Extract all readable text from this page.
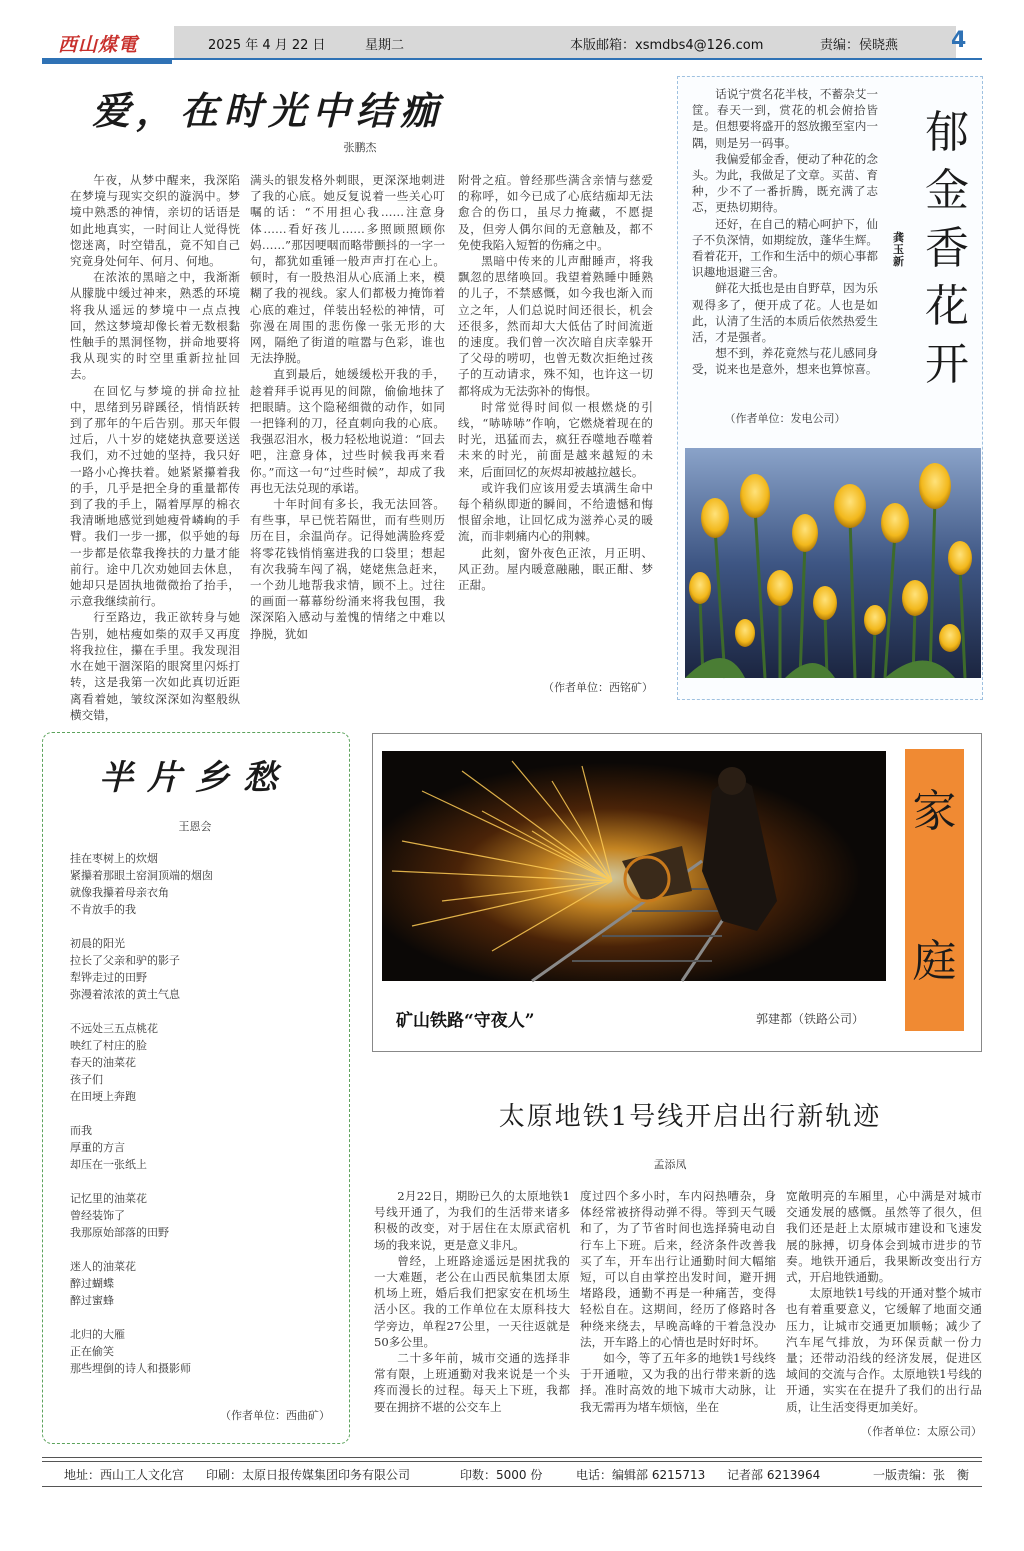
西山煤電	2025 年 4 月 22 日	星期二	本版邮箱：xsmdbs4@126.com	责编：侯晓燕 4
爱，在时光中结痂
张鹏杰

午夜，从梦中醒来，我深陷在梦境与现实交织的漩涡中。梦境中熟悉的神情，亲切的话语是如此地真实，一时间让人觉得恍惚迷离，时空错乱，竟不知自己究竟身处何年、何月、何地。

在浓浓的黑暗之中，我渐渐从朦胧中缓过神来，熟悉的环境将我从遥远的梦境中一点点拽回，然这梦境却像长着无数根黏性触手的黑洞怪物，拼命地要将我从现实的时空里重新拉扯回去。

在回忆与梦境的拼命拉扯中，思绪到另辟蹊径，悄悄跃转到了那年的午后告别。那天年假过后，八十岁的姥姥执意要送送我们，劝不过她的坚持，我只好一路小心搀扶着。她紧紧攥着我的手，几乎是把全身的重量都传到了我的手上，隔着厚厚的棉衣我清晰地感觉到她瘦骨嶙峋的手臂。我们一步一挪，似乎她的每一步都是依靠我搀扶的力量才能前行。途中几次劝她回去休息，她却只是固执地微微抬了抬手，示意我继续前行。

行至路边，我正欲转身与她告别，她枯瘦如柴的双手又再度将我拉住，攥在手里。我发现泪水在她干涸深陷的眼窝里闪烁打转，这是我第一次如此真切近距离看着她，皱纹深深如沟壑般纵横交错，

满头的银发格外刺眼，更深深地刺进了我的心底。她反复说着一些关心叮嘱的话：“不用担心我……注意身体……看好孩儿……多照顾照顾你妈……”那因哽咽而略带颤抖的一字一句，都犹如重锤一般声声打在心上。顿时，有一股热泪从心底涌上来，模糊了我的视线。家人们都极力掩饰着心底的难过，佯装出轻松的神情，可弥漫在周围的悲伤像一张无形的大网，隔绝了街道的喧嚣与色彩，谁也无法挣脱。

直到最后，她缓缓松开我的手，趁着拜手说再见的间隙，偷偷地抹了把眼睛。这个隐秘细微的动作，如同一把锋利的刀，径直刺向我的心底。我强忍泪水，极力轻松地说道：“回去吧，注意身体，过些时候我再来看你。”而这一句“过些时候”，却成了我再也无法兑现的承诺。

十年时间有多长，我无法回答。有些事，早已恍若隔世，而有些则历历在目，余温尚存。记得她满脸疼爱将零花钱悄悄塞进我的口袋里；想起有次我骑车闯了祸，姥姥焦急赶来，一个劲儿地帮我求情，顾不上。过往的画面一幕幕纷纷涌来将我包围，我深深陷入感动与羞愧的情绪之中难以挣脱，犹如

附骨之疽。曾经那些满含亲情与慈爱的称呼，如今已成了心底结痂却无法愈合的伤口，虽尽力掩藏，不愿提及，但旁人偶尔间的无意触及，都不免使我陷入短暂的伤痛之中。

黑暗中传来的儿声酣睡声，将我飘忽的思绪唤回。我望着熟睡中睡熟的儿子，不禁感慨，如今我也渐入而立之年，人们总说时间还很长，机会还很多，然而却大大低估了时间流逝的速度。我们曾一次次暗自庆幸躲开了父母的唠叨，也曾无数次拒绝过孩子的互动请求，殊不知，也许这一切都将成为无法弥补的悔恨。

时常觉得时间似一根燃烧的引线，“哧哧哧”作响，它燃烧着现在的时光，迅猛而去，疯狂吞噬地吞噬着未来的时光，前面是越来越短的未来，后面回忆的灰烬却被越拉越长。

或许我们应该用爱去填满生命中每个稍纵即逝的瞬间，不给遗憾和悔恨留余地，让回忆成为滋养心灵的暖流，而非刺痛内心的荆棘。

此刻，窗外夜色正浓，月正明、风正劲。屋内暖意融融，眠正酣、梦正甜。

（作者单位：西铭矿）
郁金香花开
龚玉新

话说宁赏名花半枝，不蓄杂艾一筐。春天一到，赏花的机会俯拾皆是。但想要将盛开的怒放搬至室内一隅，则是另一码事。

我偏爱郁金香，便动了种花的念头。为此，我做足了文章。买苗、育种，少不了一番折腾，既充满了志忑，更热切期待。

还好，在自己的精心呵护下，仙子不负深情，如期绽放，蓬华生辉。看着花开，工作和生活中的烦心事都识趣地退避三舍。

鲜花大抵也是由自野草，因为乐观得多了，便开成了花。人也是如此，认清了生活的本质后依然热爱生活，才是强者。

想不到，养花竟然与花儿感同身受，说来也是意外，想来也算惊喜。

（作者单位：发电公司）
半片乡愁
王恩会
挂在枣树上的炊烟
紧攥着那眼土窑洞顶端的烟囱
就像我攥着母亲衣角
不肯放手的我
初晨的阳光
拉长了父亲和驴的影子
犁铧走过的田野
弥漫着浓浓的黄土气息
不远处三五点桃花
映红了村庄的脸
春天的油菜花
孩子们
在田埂上奔跑
而我
厚重的方言
却压在一张纸上
记忆里的油菜花
曾经装饰了
我那原始部落的田野
迷人的油菜花
醉过蝴蝶
醉过蜜蜂
北归的大雁
正在偷笑
那些埋倒的诗人和摄影师
（作者单位：西曲矿）
矿山铁路“守夜人”	郭建都（铁路公司）
家
庭
太原地铁1号线开启出行新轨迹
孟添凤

2月22日，期盼已久的太原地铁1号线开通了，为我们的生活带来诸多积极的改变，对于居住在太原武宿机场的我来说，更是意义非凡。

曾经，上班路途遥远是困扰我的一大难题，老公在山西民航集团太原机场上班，婚后我们把家安在机场生活小区。我的工作单位在太原科技大学旁边，单程27公里，一天往返就是50多公里。

二十多年前，城市交通的选择非常有限，上班通勤对我来说是一个头疼而漫长的过程。每天上下班，我都要在拥挤不堪的公交车上

度过四个多小时，车内闷热嘈杂，身体经常被挤得动弹不得。等到天气暖和了，为了节省时间也选择骑电动自行车上下班。后来，经济条件改善我买了车，开车出行让通勤时间大幅缩短，可以自由掌控出发时间，避开拥堵路段，通勤不再是一种痛苦，变得轻松自在。这期间，经历了修路时各种绕来绕去，早晚高峰的干着急没办法，开车路上的心情也是时好时坏。

如今，等了五年多的地铁1号线终于开通啦，又为我的出行带来新的选择。准时高效的地下城市大动脉，让我无需再为堵车烦恼，坐在

宽敞明亮的车厢里，心中满是对城市交通发展的感慨。虽然等了很久，但我们还是赶上太原城市建设和飞速发展的脉搏，切身体会到城市进步的节奏。地铁开通后，我果断改变出行方式，开启地铁通勤。

太原地铁1号线的开通对整个城市也有着重要意义，它缓解了地面交通压力，让城市交通更加顺畅；减少了汽车尾气排放，为环保贡献一份力量；还带动沿线的经济发展，促进区域间的交流与合作。太原地铁1号线的开通，实实在在提升了我们的出行品质，让生活变得更加美好。

（作者单位：太原公司）
地址：西山工人文化宫 印刷：太原日报传媒集团印务有限公司	印数：5000 份	电话：编辑部 6215713 记者部 6213964	一版责编：张　衡
